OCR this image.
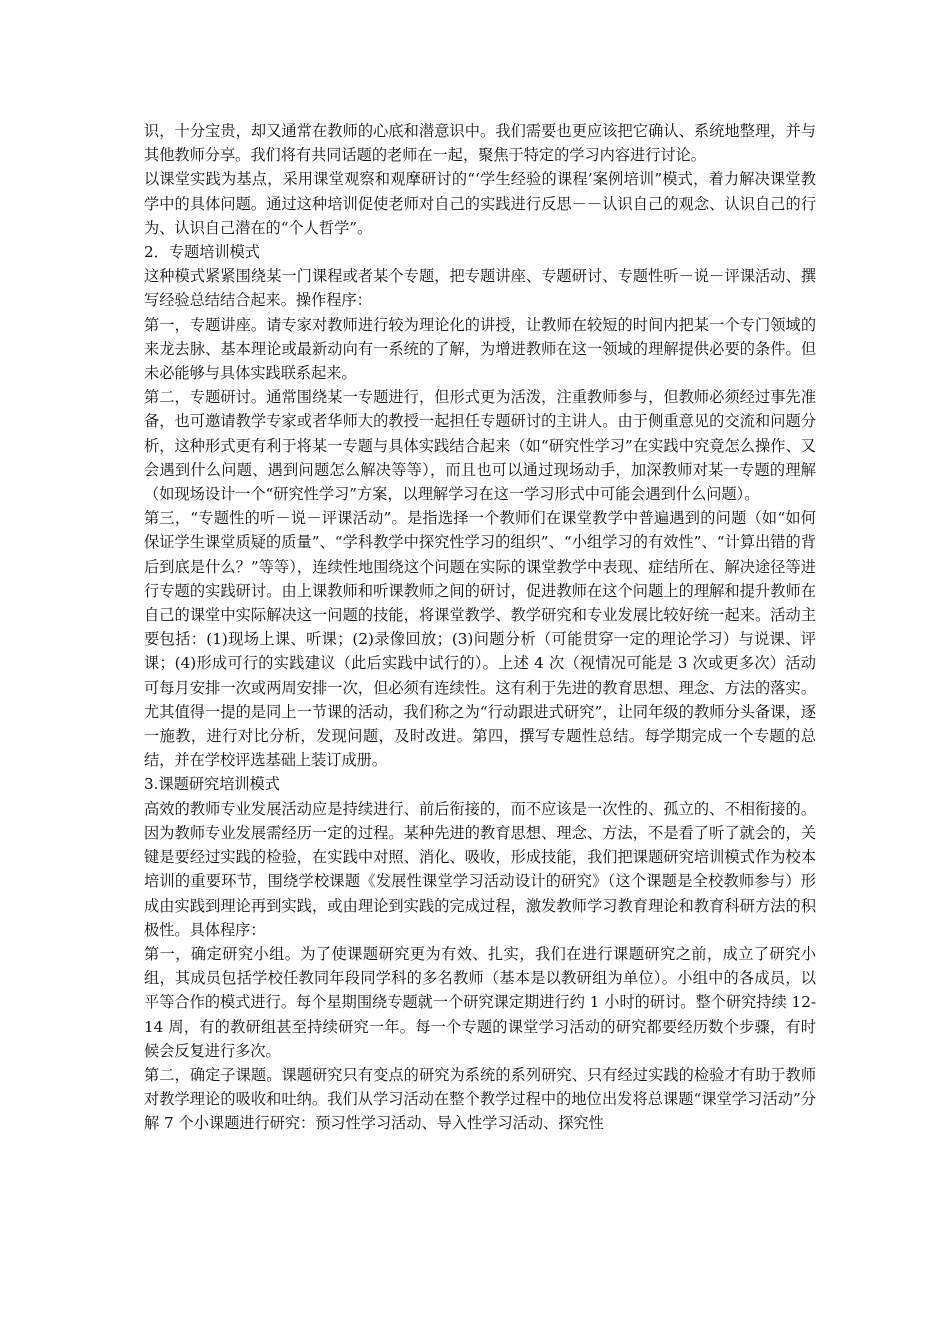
识，十分宝贵，却又通常在教师的心底和潜意识中。我们需要也更应该把它确认、系统地整理，并与其他教师分享。我们将有共同话题的老师在一起，聚焦于特定的学习内容进行讨论。

以课堂实践为基点，采用课堂观察和观摩研讨的“‘学生经验的课程’案例培训”模式，着力解决课堂教学中的具体问题。通过这种培训促使老师对自己的实践进行反思－－认识自己的观念、认识自己的行为、认识自己潜在的“个人哲学”。

2．专题培训模式

这种模式紧紧围绕某一门课程或者某个专题，把专题讲座、专题研讨、专题性听－说－评课活动、撰写经验总结结合起来。操作程序：

第一，专题讲座。请专家对教师进行较为理论化的讲授，让教师在较短的时间内把某一个专门领域的来龙去脉、基本理论或最新动向有一系统的了解，为增进教师在这一领域的理解提供必要的条件。但未必能够与具体实践联系起来。

第二，专题研讨。通常围绕某一专题进行，但形式更为活泼，注重教师参与，但教师必须经过事先准备，也可邀请教学专家或者华师大的教授一起担任专题研讨的主讲人。由于侧重意见的交流和问题分析，这种形式更有利于将某一专题与具体实践结合起来（如“研究性学习”在实践中究竟怎么操作、又会遇到什么问题、遇到问题怎么解决等等），而且也可以通过现场动手，加深教师对某一专题的理解（如现场设计一个“研究性学习”方案，以理解学习在这一学习形式中可能会遇到什么问题）。

第三，“专题性的听－说－评课活动”。是指选择一个教师们在课堂教学中普遍遇到的问题（如“如何保证学生课堂质疑的质量”、“学科教学中探究性学习的组织”、“小组学习的有效性”、“计算出错的背后到底是什么？”等等），连续性地围绕这个问题在实际的课堂教学中表现、症结所在、解决途径等进行专题的实践研讨。由上课教师和听课教师之间的研讨，促进教师在这个问题上的理解和提升教师在自己的课堂中实际解决这一问题的技能，将课堂教学、教学研究和专业发展比较好统一起来。活动主要包括：(1)现场上课、听课；(2)录像回放；(3)问题分析（可能贯穿一定的理论学习）与说课、评课；(4)形成可行的实践建议（此后实践中试行的）。上述 4 次（视情况可能是 3 次或更多次）活动可每月安排一次或两周安排一次，但必须有连续性。这有利于先进的教育思想、理念、方法的落实。尤其值得一提的是同上一节课的活动，我们称之为“行动跟进式研究”，让同年级的教师分头备课，逐一施教，进行对比分析，发现问题，及时改进。第四，撰写专题性总结。每学期完成一个专题的总结，并在学校评选基础上装订成册。

3.课题研究培训模式

高效的教师专业发展活动应是持续进行、前后衔接的，而不应该是一次性的、孤立的、不相衔接的。因为教师专业发展需经历一定的过程。某种先进的教育思想、理念、方法，不是看了听了就会的，关键是要经过实践的检验，在实践中对照、消化、吸收，形成技能，我们把课题研究培训模式作为校本培训的重要环节，围绕学校课题《发展性课堂学习活动设计的研究》（这个课题是全校教师参与）形成由实践到理论再到实践，或由理论到实践的完成过程，激发教师学习教育理论和教育科研方法的积极性。具体程序：

第一，确定研究小组。为了使课题研究更为有效、扎实，我们在进行课题研究之前，成立了研究小组，其成员包括学校任教同年段同学科的多名教师（基本是以教研组为单位）。小组中的各成员，以平等合作的模式进行。每个星期围绕专题就一个研究课定期进行约 1 小时的研讨。整个研究持续 12-14 周，有的教研组甚至持续研究一年。每一个专题的课堂学习活动的研究都要经历数个步骤，有时候会反复进行多次。

第二，确定子课题。课题研究只有变点的研究为系统的系列研究、只有经过实践的检验才有助于教师对教学理论的吸收和吐纳。我们从学习活动在整个教学过程中的地位出发将总课题“课堂学习活动”分解 7 个小课题进行研究：预习性学习活动、导入性学习活动、探究性
